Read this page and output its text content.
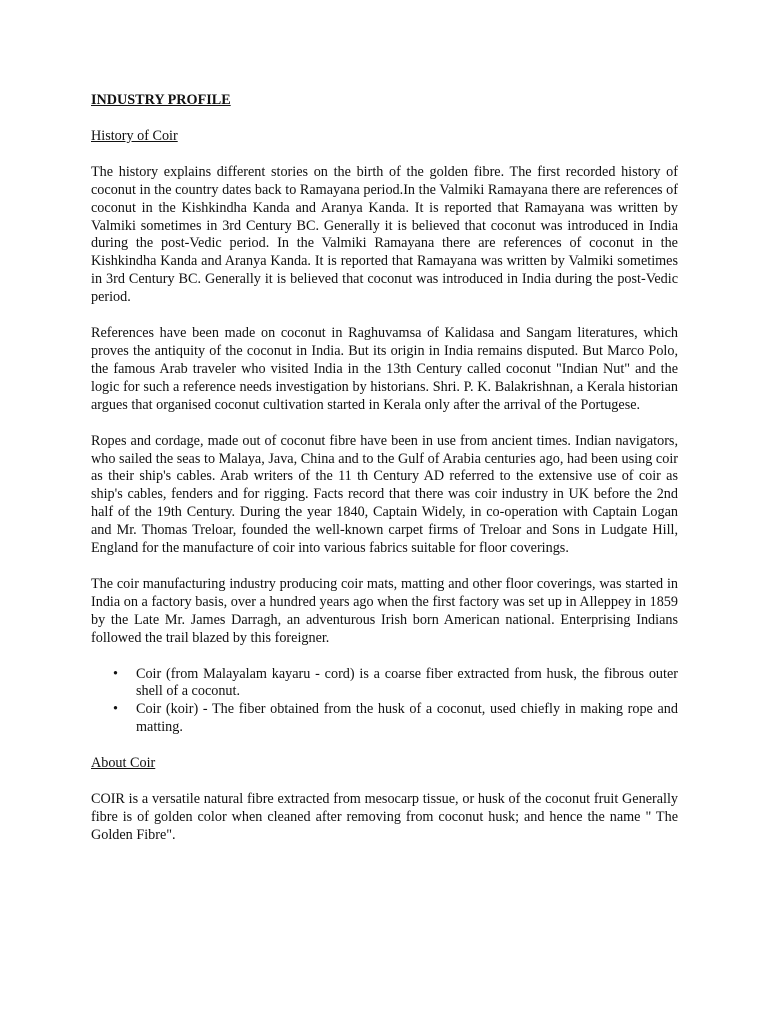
INDUSTRY PROFILE
History of Coir

The history explains different stories on the birth of the golden fibre. The first recorded history of coconut in the country dates back to Ramayana period.In the Valmiki Ramayana there are references of coconut in the Kishkindha Kanda and Aranya Kanda. It is reported that Ramayana was written by Valmiki sometimes in 3rd Century BC. Generally it is believed that coconut was introduced in India during the post-Vedic period. In the Valmiki Ramayana there are references of coconut in the Kishkindha Kanda and Aranya Kanda. It is reported that Ramayana was written by Valmiki sometimes in 3rd Century BC. Generally it is believed that coconut was introduced in India during the post-Vedic period.

References have been made on coconut in Raghuvamsa of Kalidasa and Sangam literatures, which proves the antiquity of the coconut in India. But its origin in India remains disputed. But Marco Polo, the famous Arab traveler who visited India in the 13th Century called coconut "Indian Nut" and the logic for such a reference needs investigation by historians. Shri. P. K. Balakrishnan, a Kerala historian argues that organised coconut cultivation started in Kerala only after the arrival of the Portugese.

Ropes and cordage, made out of coconut fibre have been in use from ancient times. Indian navigators, who sailed the seas to Malaya, Java, China and to the Gulf of Arabia centuries ago, had been using coir as their ship's cables. Arab writers of the 11 th Century AD referred to the extensive use of coir as ship's cables, fenders and for rigging. Facts record that there was coir industry in UK before the 2nd half of the 19th Century. During the year 1840, Captain Widely, in co-operation with Captain Logan and Mr. Thomas Treloar, founded the well-known carpet firms of Treloar and Sons in Ludgate Hill, England for the manufacture of coir into various fabrics suitable for floor coverings.

The coir manufacturing industry producing coir mats, matting and other floor coverings, was started in India on a factory basis, over a hundred years ago when the first factory was set up in Alleppey in 1859 by the Late Mr. James Darragh, an adventurous Irish born American national. Enterprising Indians followed the trail blazed by this foreigner.

• Coir (from Malayalam kayaru - cord) is a coarse fiber extracted from husk, the fibrous outer shell of a coconut.
• Coir (koir) - The fiber obtained from the husk of a coconut, used chiefly in making rope and matting.
About Coir

COIR is a versatile natural fibre extracted from mesocarp tissue, or husk of the coconut fruit Generally fibre is of golden color when cleaned after removing from coconut husk; and hence the name " The Golden Fibre".
